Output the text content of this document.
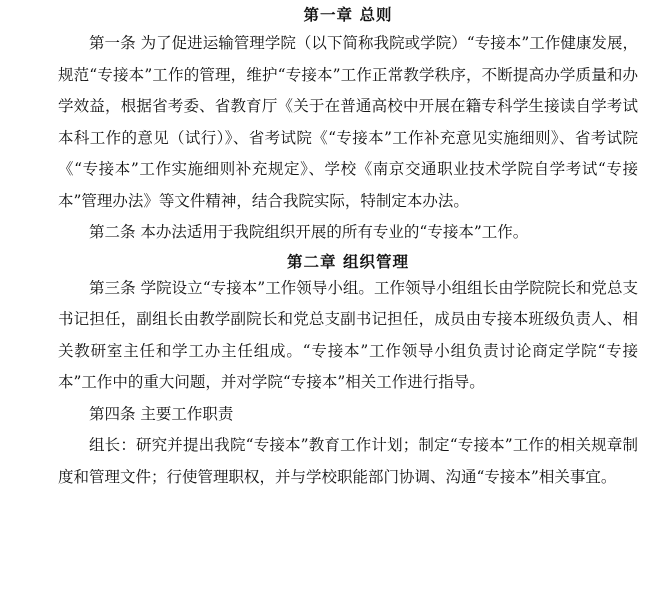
第一章 总则

第一条 为了促进运输管理学院（以下简称我院或学院）“专接本”工作健康发展，规范“专接本”工作的管理，维护“专接本”工作正常教学秩序，不断提高办学质量和办学效益，根据省考委、省教育厅《关于在普通高校中开展在籍专科学生接读自学考试本科工作的意见（试行）》、省考试院《“专接本”工作补充意见实施细则》、省考试院《“专接本”工作实施细则补充规定》、学校《南京交通职业技术学院自学考试“专接本”管理办法》等文件精神，结合我院实际，特制定本办法。

第二条 本办法适用于我院组织开展的所有专业的“专接本”工作。

第二章 组织管理

第三条 学院设立“专接本”工作领导小组。工作领导小组组长由学院院长和党总支书记担任，副组长由教学副院长和党总支副书记担任，成员由专接本班级负责人、相关教研室主任和学工办主任组成。“专接本”工作领导小组负责讨论商定学院“专接本”工作中的重大问题，并对学院“专接本”相关工作进行指导。

第四条 主要工作职责

组长：研究并提出我院“专接本”教育工作计划；制定“专接本”工作的相关规章制度和管理文件；行使管理职权，并与学校职能部门协调、沟通“专接本”相关事宜。
